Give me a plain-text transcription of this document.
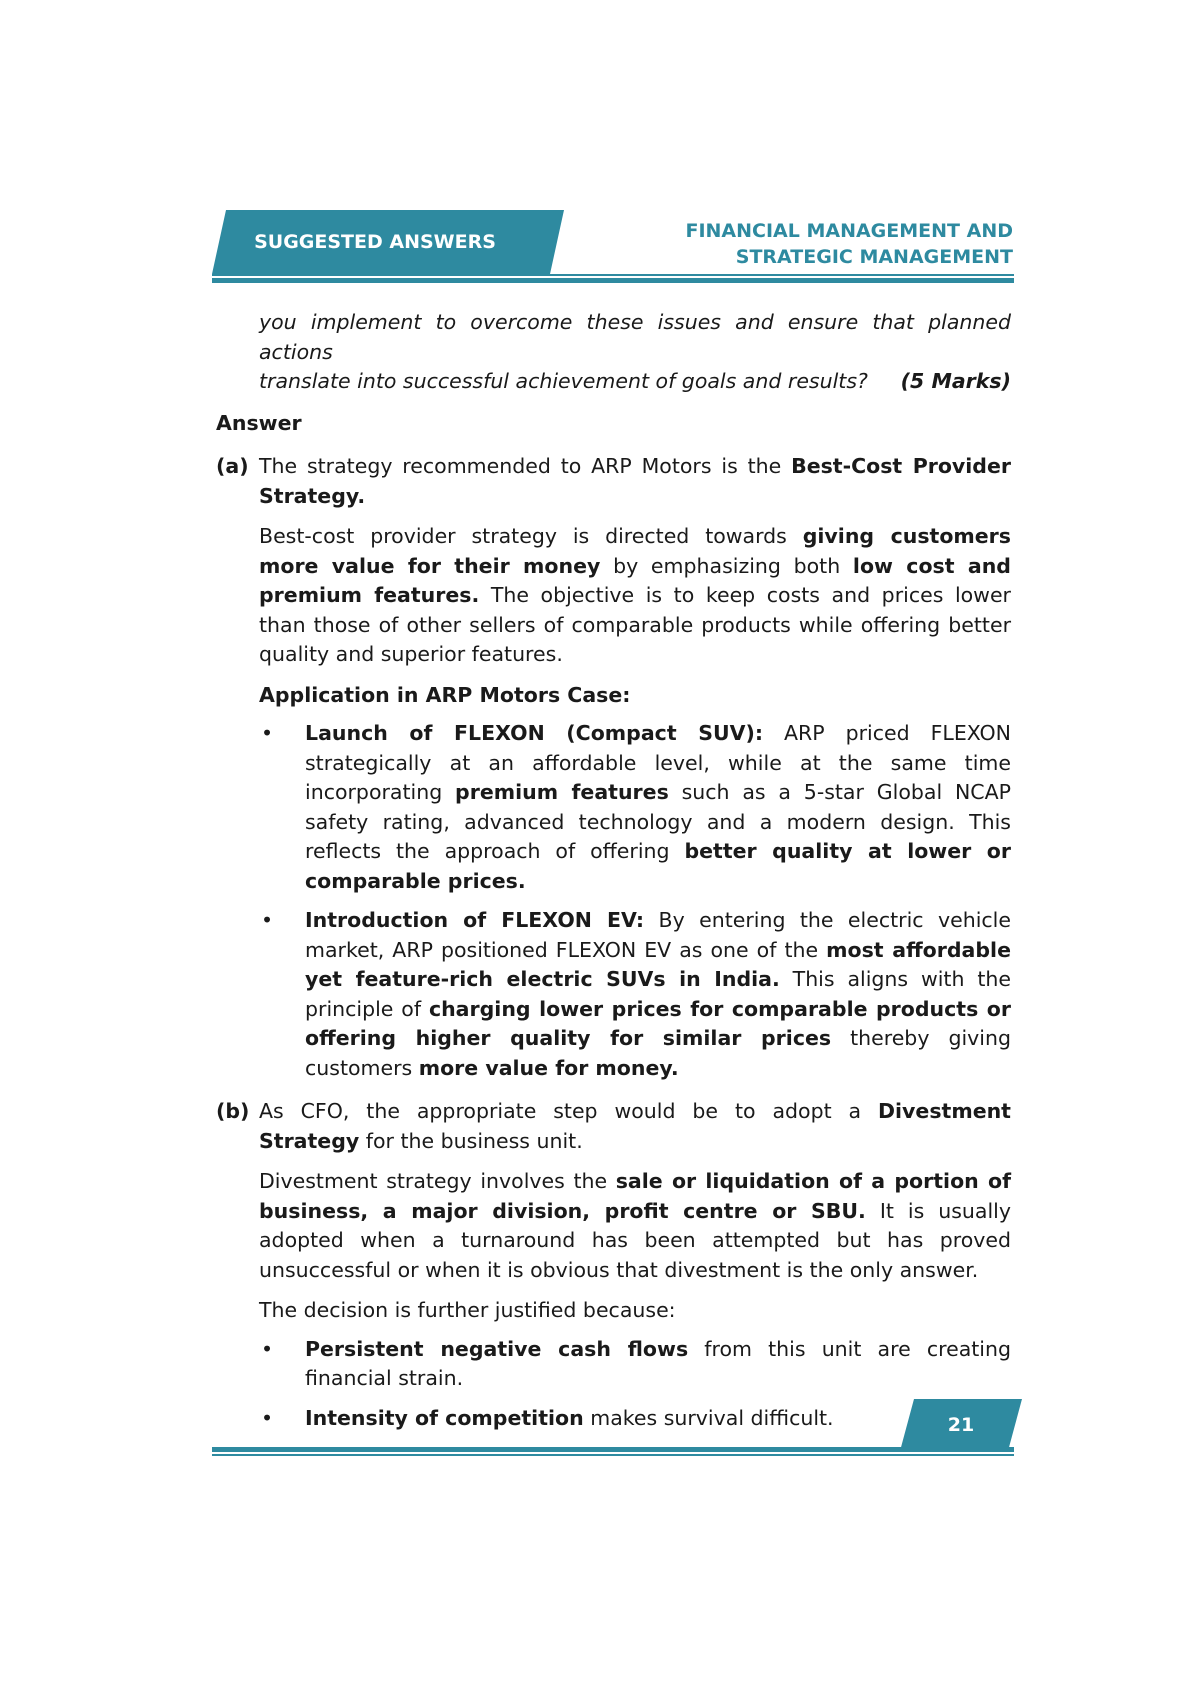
SUGGESTED ANSWERS	FINANCIAL MANAGEMENT AND
STRATEGIC MANAGEMENT

you implement to overcome these issues and ensure that planned actions

translate into successful achievement of goals and results? (5 Marks)

Answer

(a) The strategy recommended to ARP Motors is the Best-Cost Provider Strategy.

Best-cost provider strategy is directed towards giving customers more value for their money by emphasizing both low cost and premium features. The objective is to keep costs and prices lower than those of other sellers of comparable products while offering better quality and superior features.

Application in ARP Motors Case:

•	Launch of FLEXON (Compact SUV): ARP priced FLEXON strategically at an affordable level, while at the same time incorporating premium features such as a 5-star Global NCAP safety rating, advanced technology and a modern design. This reflects the approach of offering better quality at lower or comparable prices.
•	Introduction of FLEXON EV: By entering the electric vehicle market, ARP positioned FLEXON EV as one of the most affordable yet feature-rich electric SUVs in India. This aligns with the principle of charging lower prices for comparable products or offering higher quality for similar prices thereby giving customers more value for money.
(b) As CFO, the appropriate step would be to adopt a Divestment Strategy for the business unit.

Divestment strategy involves the sale or liquidation of a portion of business, a major division, profit centre or SBU. It is usually adopted when a turnaround has been attempted but has proved unsuccessful or when it is obvious that divestment is the only answer.

The decision is further justified because:

•	Persistent negative cash flows from this unit are creating financial strain.
•	Intensity of competition makes survival difficult.	21
